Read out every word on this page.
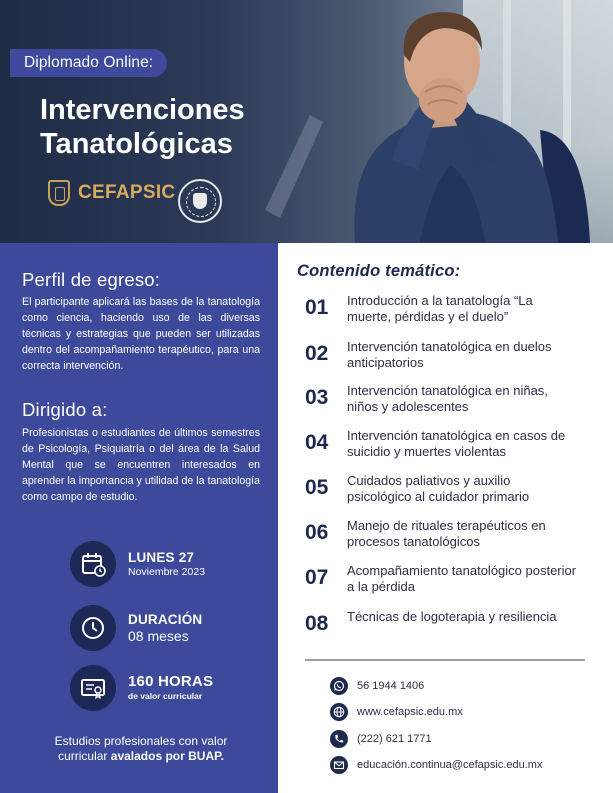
Diplomado Online:
Intervenciones
Tanatológicas
CEFAPSIC
Perfil de egreso:

El participante aplicará las bases de la tanatología como ciencia, haciendo uso de las diversas técnicas y estrategias que pueden ser utilizadas dentro del acompañamiento terapéutico, para una correcta intervención.

Dirigido a:

Profesionistas o estudiantes de últimos semestres de Psicología, Psiquiatría o del área de la Salud Mental que se encuentren interesados en aprender la importancia y utilidad de la tanatología como campo de estudio.

LUNES 27
Noviembre 2023
DURACIÓN
08 meses
160 HORAS
de valor curricular
Estudios profesionales con valor
curricular avalados por BUAP.
Contenido temático:
01	Introducción a la tanatología “La muerte, pérdidas y el duelo”
02	Intervención tanatológica en duelos anticipatorios
03	Intervención tanatológica en niñas, niños y adolescentes
04	Intervención tanatológica en casos de suicidio y muertes violentas
05	Cuidados paliativos y auxilio psicológico al cuidador primario
06	Manejo de rituales terapéuticos en procesos tanatológicos
07	Acompañamiento tanatológico posterior a la pérdida
08	Técnicas de logoterapia y resiliencia
56 1944 1406
www.cefapsic.edu.mx
(222) 621 1771
educación.continua@cefapsic.edu.mx
